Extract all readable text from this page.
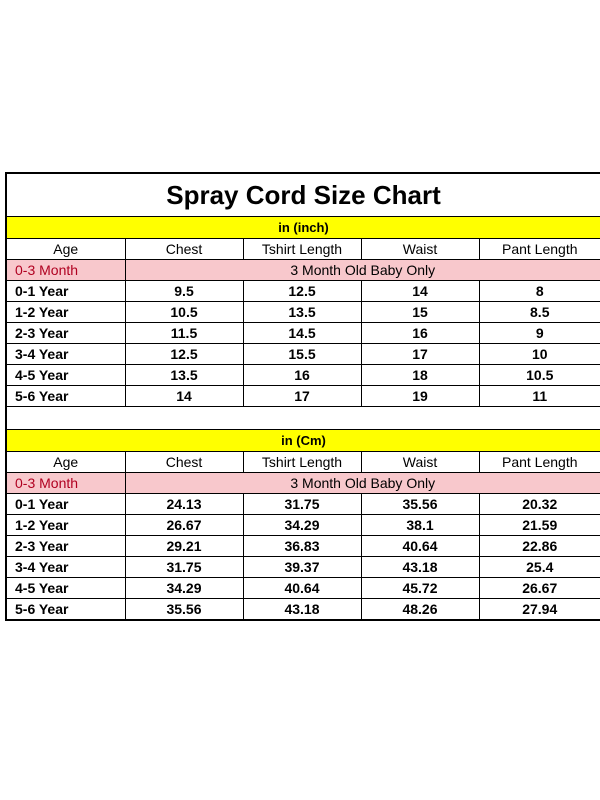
Spray Cord Size Chart
in (inch)
Age	Chest	Tshirt Length	Waist	Pant Length
0-3 Month	3 Month Old Baby Only			
0-1 Year	9.5	12.5	14	8
1-2 Year	10.5	13.5	15	8.5
2-3 Year	11.5	14.5	16	9
3-4 Year	12.5	15.5	17	10
4-5 Year	13.5	16	18	10.5
5-6 Year	14	17	19	11
in (Cm)
Age	Chest	Tshirt Length	Waist	Pant Length
0-3 Month	3 Month Old Baby Only			
0-1 Year	24.13	31.75	35.56	20.32
1-2 Year	26.67	34.29	38.1	21.59
2-3 Year	29.21	36.83	40.64	22.86
3-4 Year	31.75	39.37	43.18	25.4
4-5 Year	34.29	40.64	45.72	26.67
5-6 Year	35.56	43.18	48.26	27.94
